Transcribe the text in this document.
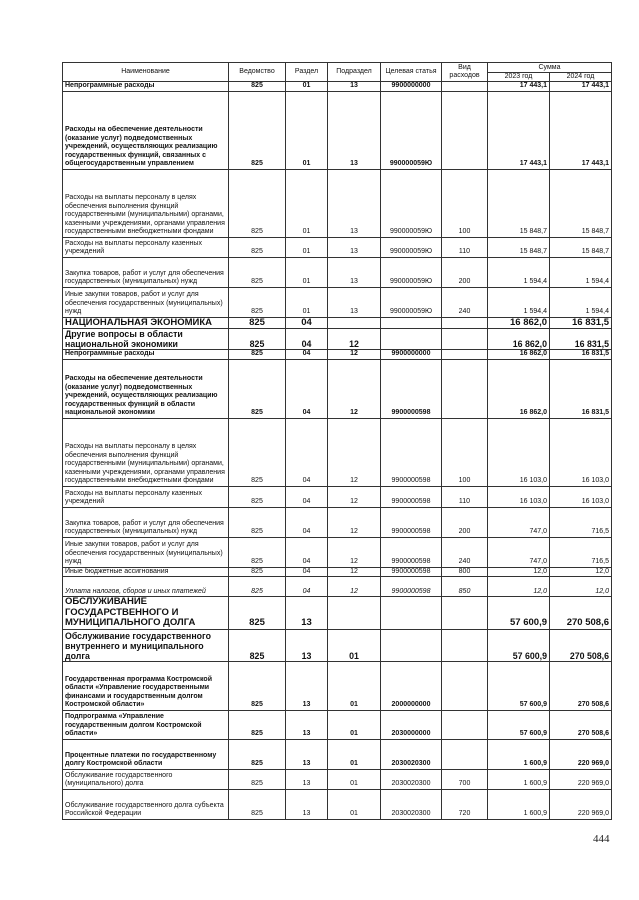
Наименование	Ведомство	Раздел	Подраздел	Целевая статья	Вид расходов	Сумма	
						2023 год	2024 год
Непрограммные расходы	825	01	13	9900000000		17 443,1	17 443,1
Расходы на обеспечение деятельности (оказание услуг) подведомственных учреждений, осуществляющих реализацию государственных функций, связанных с общегосударственным управлением	825	01	13	990000059Ю		17 443,1	17 443,1
Расходы на выплаты персоналу в целях обеспечения выполнения функций государственными (муниципальными) органами, казенными учреждениями, органами управления государственными внебюджетными фондами	825	01	13	990000059Ю	100	15 848,7	15 848,7
Расходы на выплаты персоналу казенных учреждений	825	01	13	990000059Ю	110	15 848,7	15 848,7
Закупка товаров, работ и услуг для обеспечения государственных (муниципальных) нужд	825	01	13	990000059Ю	200	1 594,4	1 594,4
Иные закупки товаров, работ и услуг для обеспечения государственных (муниципальных) нужд	825	01	13	990000059Ю	240	1 594,4	1 594,4
НАЦИОНАЛЬНАЯ ЭКОНОМИКА	825	04				16 862,0	16 831,5
Другие вопросы в области национальной экономики	825	04	12			16 862,0	16 831,5
Непрограммные расходы	825	04	12	9900000000		16 862,0	16 831,5
Расходы на обеспечение деятельности (оказание услуг) подведомственных учреждений, осуществляющих реализацию государственных функций в области национальной экономики	825	04	12	9900000598		16 862,0	16 831,5
Расходы на выплаты персоналу в целях обеспечения выполнения функций государственными (муниципальными) органами, казенными учреждениями, органами управления государственными внебюджетными фондами	825	04	12	9900000598	100	16 103,0	16 103,0
Расходы на выплаты персоналу казенных учреждений	825	04	12	9900000598	110	16 103,0	16 103,0
Закупка товаров, работ и услуг для обеспечения государственных (муниципальных) нужд	825	04	12	9900000598	200	747,0	716,5
Иные закупки товаров, работ и услуг для обеспечения государственных (муниципальных) нужд	825	04	12	9900000598	240	747,0	716,5
Иные бюджетные ассигнования	825	04	12	9900000598	800	12,0	12,0
Уплата налогов, сборов и иных платежей	825	04	12	9900000598	850	12,0	12,0
ОБСЛУЖИВАНИЕ ГОСУДАРСТВЕННОГО И МУНИЦИПАЛЬНОГО ДОЛГА	825	13				57 600,9	270 508,6
Обслуживание государственного внутреннего и муниципального долга	825	13	01			57 600,9	270 508,6
Государственная программа Костромской области «Управление государственными финансами и государственным долгом Костромской области»	825	13	01	2000000000		57 600,9	270 508,6
Подпрограмма «Управление государственным долгом Костромской области»	825	13	01	2030000000		57 600,9	270 508,6
Процентные платежи по государственному долгу Костромской области	825	13	01	2030020300		1 600,9	220 969,0
Обслуживание государственного (муниципального) долга	825	13	01	2030020300	700	1 600,9	220 969,0
Обслуживание государственного долга субъекта Российской Федерации	825	13	01	2030020300	720	1 600,9	220 969,0
444
